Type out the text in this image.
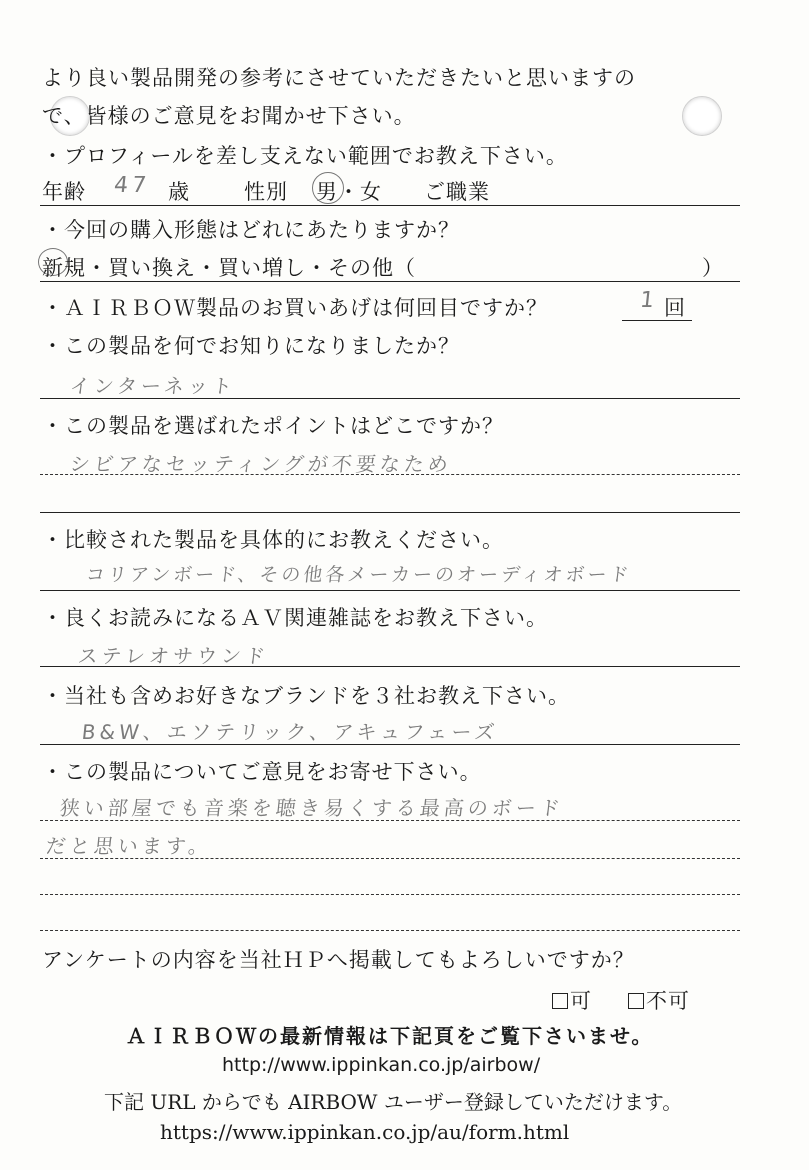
より良い製品開発の参考にさせていただきたいと思いますの
で、皆様のご意見をお聞かせ下さい。
・プロフィールを差し支えない範囲でお教え下さい。
年齢 47 歳	性別 男・女 ご職業
・今回の購入形態はどれにあたりますか？
新規・買い換え・買い増し・その他（	）
・ＡＩＲＢＯＷ製品のお買いあげは何回目ですか？	1 回
・この製品を何でお知りになりましたか？
インターネット
・この製品を選ばれたポイントはどこですか？
シビアなセッティングが不要なため
・比較された製品を具体的にお教えください。
コリアンボード、その他各メーカーのオーディオボード
・良くお読みになるＡＶ関連雑誌をお教え下さい。
ステレオサウンド
・当社も含めお好きなブランドを３社お教え下さい。
B&W、エソテリック、アキュフェーズ
・この製品についてご意見をお寄せ下さい。
狭い部屋でも音楽を聴き易くする最高のボード
だと思います。
アンケートの内容を当社ＨＰへ掲載してもよろしいですか？
可	不可
ＡＩＲＢＯＷの最新情報は下記頁をご覧下さいませ。
http://www.ippinkan.co.jp/airbow/
下記 URL からでも AIRBOW ユーザー登録していただけます。
https://www.ippinkan.co.jp/au/form.html
